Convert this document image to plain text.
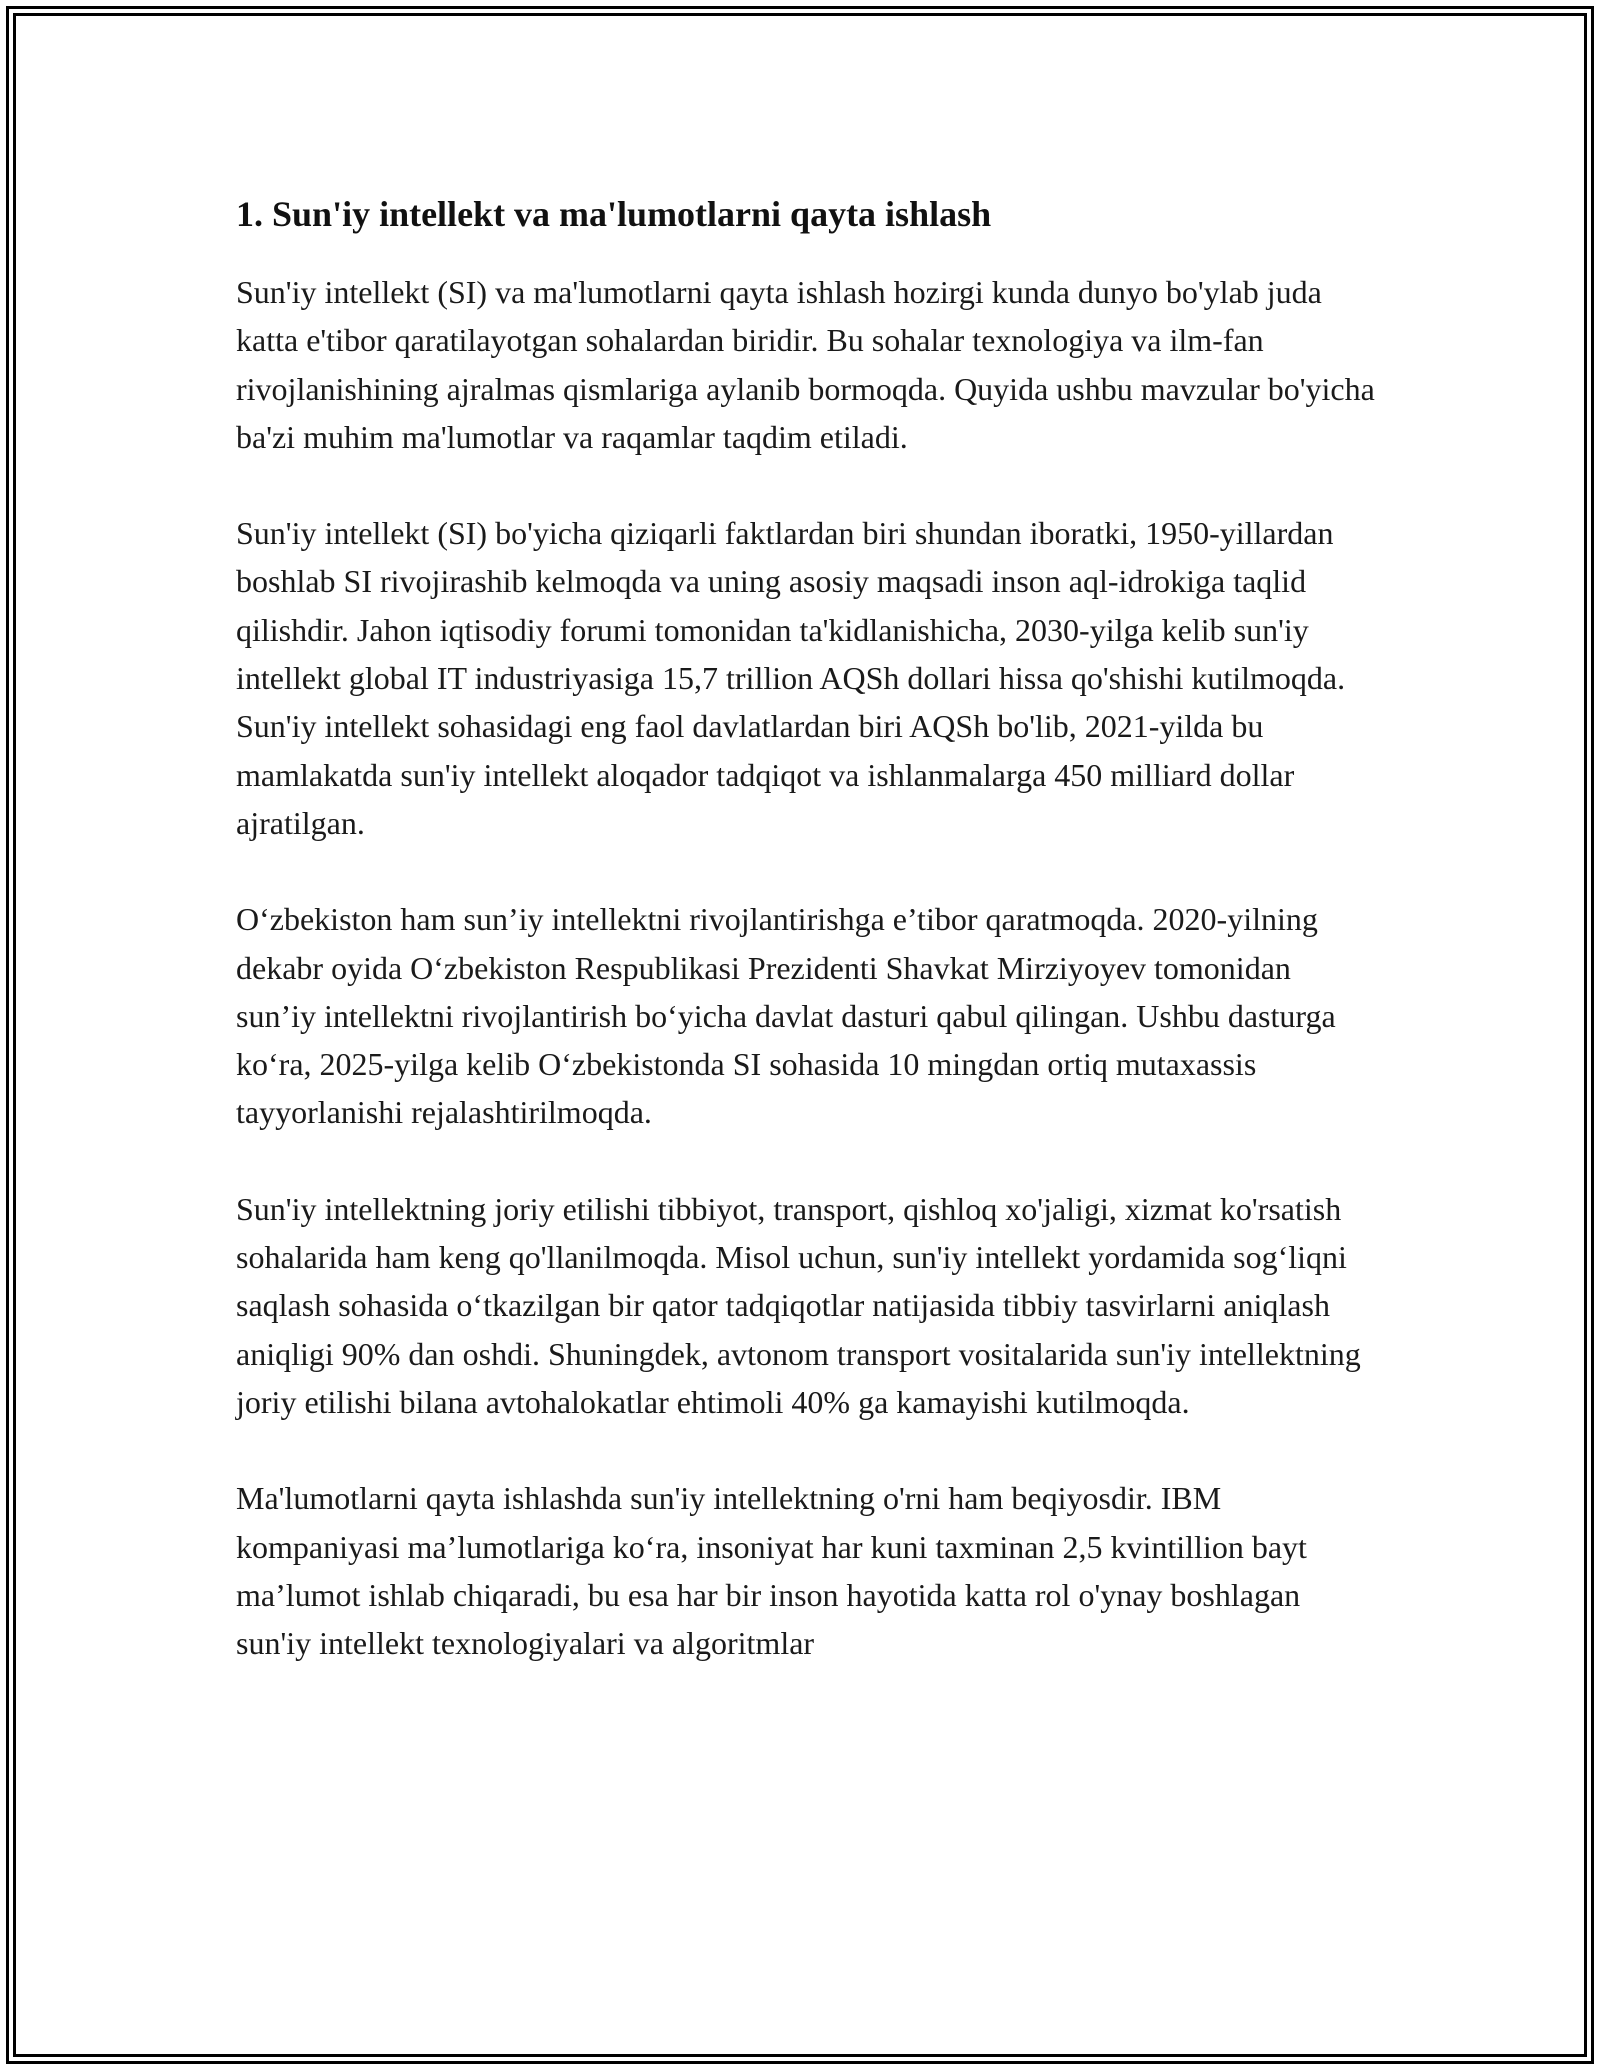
1. Sun'iy intellekt va ma'lumotlarni qayta ishlash

Sun'iy intellekt (SI) va ma'lumotlarni qayta ishlash hozirgi kunda dunyo bo'ylab juda katta e'tibor qaratilayotgan sohalardan biridir. Bu sohalar texnologiya va ilm-fan rivojlanishining ajralmas qismlariga aylanib bormoqda. Quyida ushbu mavzular bo'yicha ba'zi muhim ma'lumotlar va raqamlar taqdim etiladi.

Sun'iy intellekt (SI) bo'yicha qiziqarli faktlardan biri shundan iboratki, 1950-yillardan boshlab SI rivojirashib kelmoqda va uning asosiy maqsadi inson aql-idrokiga taqlid qilishdir. Jahon iqtisodiy forumi tomonidan ta'kidlanishicha, 2030-yilga kelib sun'iy intellekt global IT industriyasiga 15,7 trillion AQSh dollari hissa qo'shishi kutilmoqda. Sun'iy intellekt sohasidagi eng faol davlatlardan biri AQSh bo'lib, 2021-yilda bu mamlakatda sun'iy intellekt aloqador tadqiqot va ishlanmalarga 450 milliard dollar ajratilgan.

O‘zbekiston ham sun’iy intellektni rivojlantirishga e’tibor qaratmoqda. 2020-yilning dekabr oyida O‘zbekiston Respublikasi Prezidenti Shavkat Mirziyoyev tomonidan sun’iy intellektni rivojlantirish bo‘yicha davlat dasturi qabul qilingan. Ushbu dasturga ko‘ra, 2025-yilga kelib O‘zbekistonda SI sohasida 10 mingdan ortiq mutaxassis tayyorlanishi rejalashtirilmoqda.

Sun'iy intellektning joriy etilishi tibbiyot, transport, qishloq xo'jaligi, xizmat ko'rsatish sohalarida ham keng qo'llanilmoqda. Misol uchun, sun'iy intellekt yordamida sog‘liqni saqlash sohasida o‘tkazilgan bir qator tadqiqotlar natijasida tibbiy tasvirlarni aniqlash aniqligi 90% dan oshdi. Shuningdek, avtonom transport vositalarida sun'iy intellektning joriy etilishi bilana avtohalokatlar ehtimoli 40% ga kamayishi kutilmoqda.

Ma'lumotlarni qayta ishlashda sun'iy intellektning o'rni ham beqiyosdir. IBM kompaniyasi ma’lumotlariga ko‘ra, insoniyat har kuni taxminan 2,5 kvintillion bayt ma’lumot ishlab chiqaradi, bu esa har bir inson hayotida katta rol o'ynay boshlagan sun'iy intellekt texnologiyalari va algoritmlar
